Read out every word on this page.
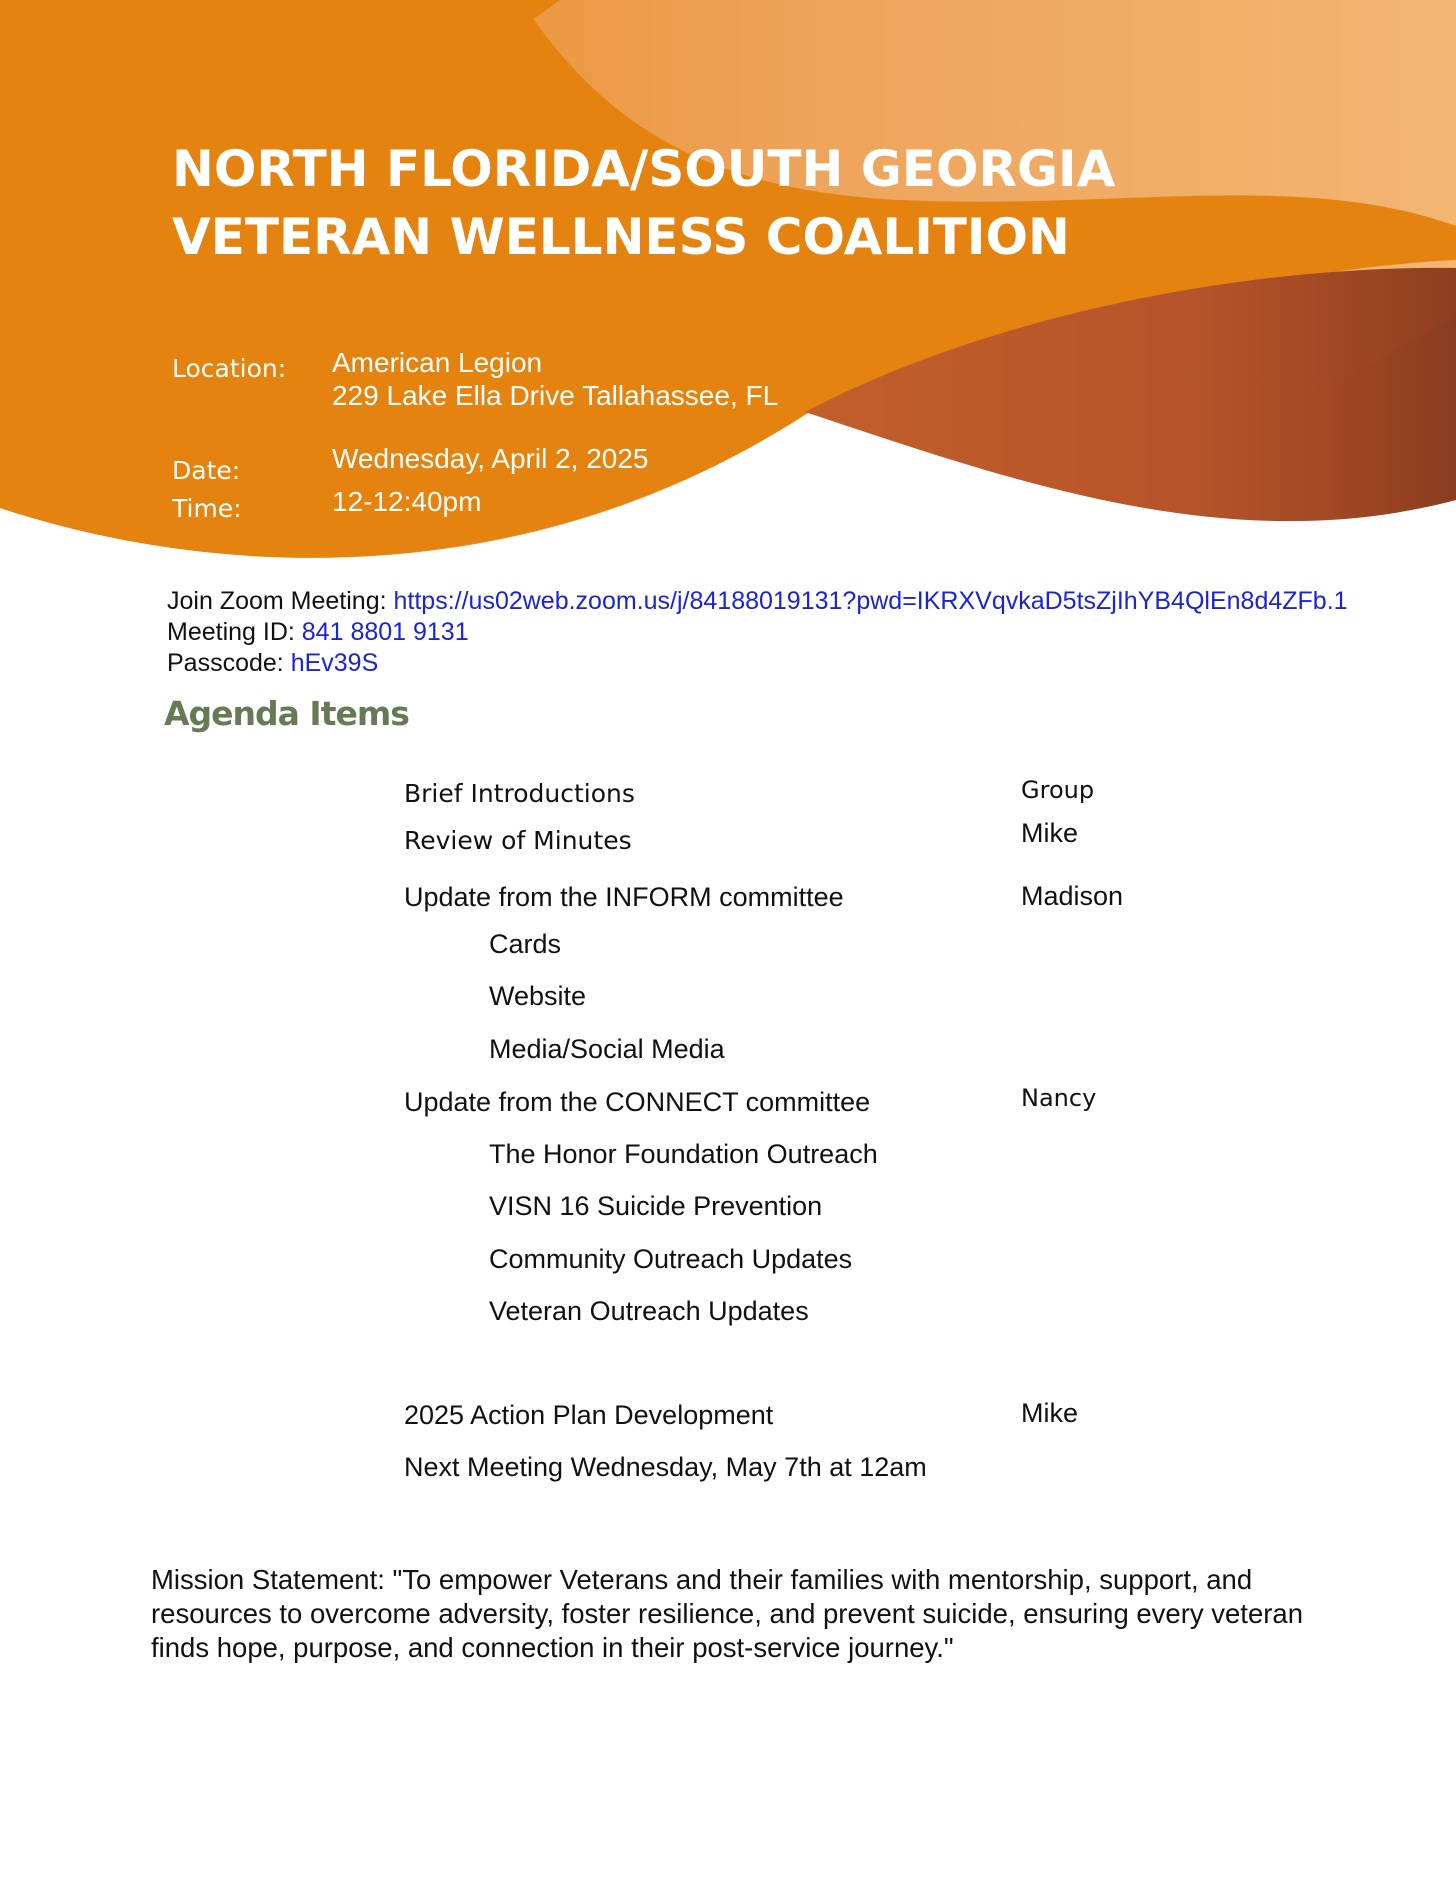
NORTH FLORIDA/SOUTH GEORGIA
VETERAN WELLNESS COALITION
Location: American Legion
229 Lake Ella Drive Tallahassee, FL
Date:	Wednesday, April 2, 2025
Time:	12-12:40pm
Join Zoom Meeting: https://us02web.zoom.us/j/84188019131?pwd=IKRXVqvkaD5tsZjIhYB4QlEn8d4ZFb.1
Meeting ID: 841 8801 9131
Passcode: hEv39S
Agenda Items
Brief Introductions	Group
Review of Minutes	Mike
Update from the INFORM committee	Madison
Cards
Website
Media/Social Media
Update from the CONNECT committee	Nancy
The Honor Foundation Outreach
VISN 16 Suicide Prevention
Community Outreach Updates
Veteran Outreach Updates
2025 Action Plan Development	Mike
Next Meeting Wednesday, May 7th at 12am
Mission Statement: "To empower Veterans and their families with mentorship, support, and resources to overcome adversity, foster resilience, and prevent suicide, ensuring every veteran finds hope, purpose, and connection in their post-service journey."
